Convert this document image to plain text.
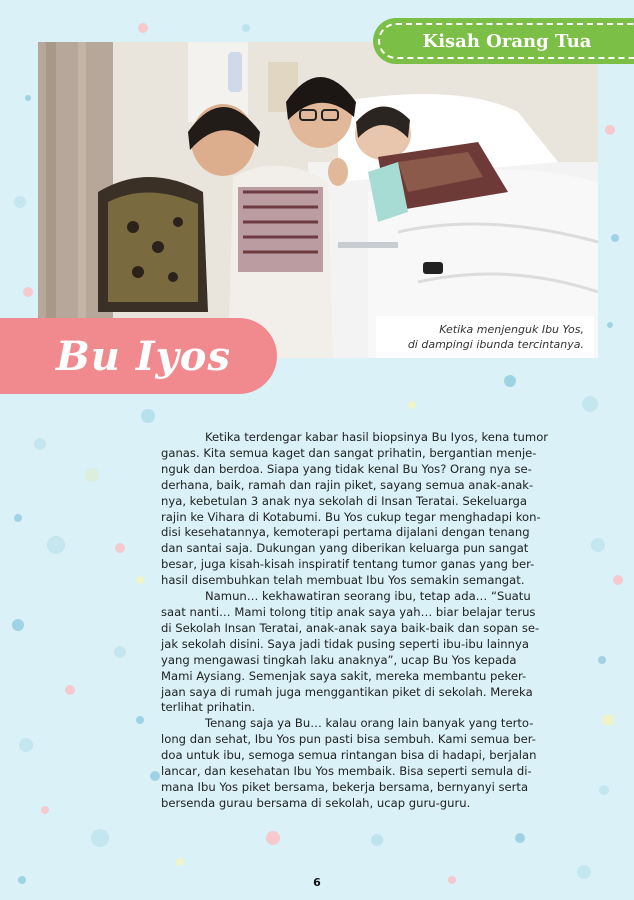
Ketika menjenguk Ibu Yos,
di dampingi ibunda tercintanya.
Kisah Orang Tua
Bu Iyos

Ketika terdengar kabar hasil biopsinya Bu Iyos, kena tumor
ganas. Kita semua kaget dan sangat prihatin, bergantian menje-
nguk dan berdoa. Siapa yang tidak kenal Bu Yos? Orang nya se-
derhana, baik, ramah dan rajin piket, sayang semua anak-anak-
nya, kebetulan 3 anak nya sekolah di Insan Teratai. Sekeluarga
rajin ke Vihara di Kotabumi. Bu Yos cukup tegar menghadapi kon-
disi kesehatannya, kemoterapi pertama dijalani dengan tenang
dan santai saja. Dukungan yang diberikan keluarga pun sangat
besar, juga kisah-kisah inspiratif tentang tumor ganas yang ber-
hasil disembuhkan telah membuat Ibu Yos semakin semangat.

Namun… kekhawatiran seorang ibu, tetap ada… “Suatu
saat nanti… Mami tolong titip anak saya yah… biar belajar terus
di Sekolah Insan Teratai, anak-anak saya baik-baik dan sopan se-
jak sekolah disini. Saya jadi tidak pusing seperti ibu-ibu lainnya
yang mengawasi tingkah laku anaknya”, ucap Bu Yos kepada
Mami Aysiang. Semenjak saya sakit, mereka membantu peker-
jaan saya di rumah juga menggantikan piket di sekolah. Mereka
terlihat prihatin.

Tenang saja ya Bu… kalau orang lain banyak yang terto-
long dan sehat, Ibu Yos pun pasti bisa sembuh. Kami semua ber-
doa untuk ibu, semoga semua rintangan bisa di hadapi, berjalan
lancar, dan kesehatan Ibu Yos membaik. Bisa seperti semula di-
mana Ibu Yos piket bersama, bekerja bersama, bernyanyi serta
bersenda gurau bersama di sekolah, ucap guru-guru.

6
